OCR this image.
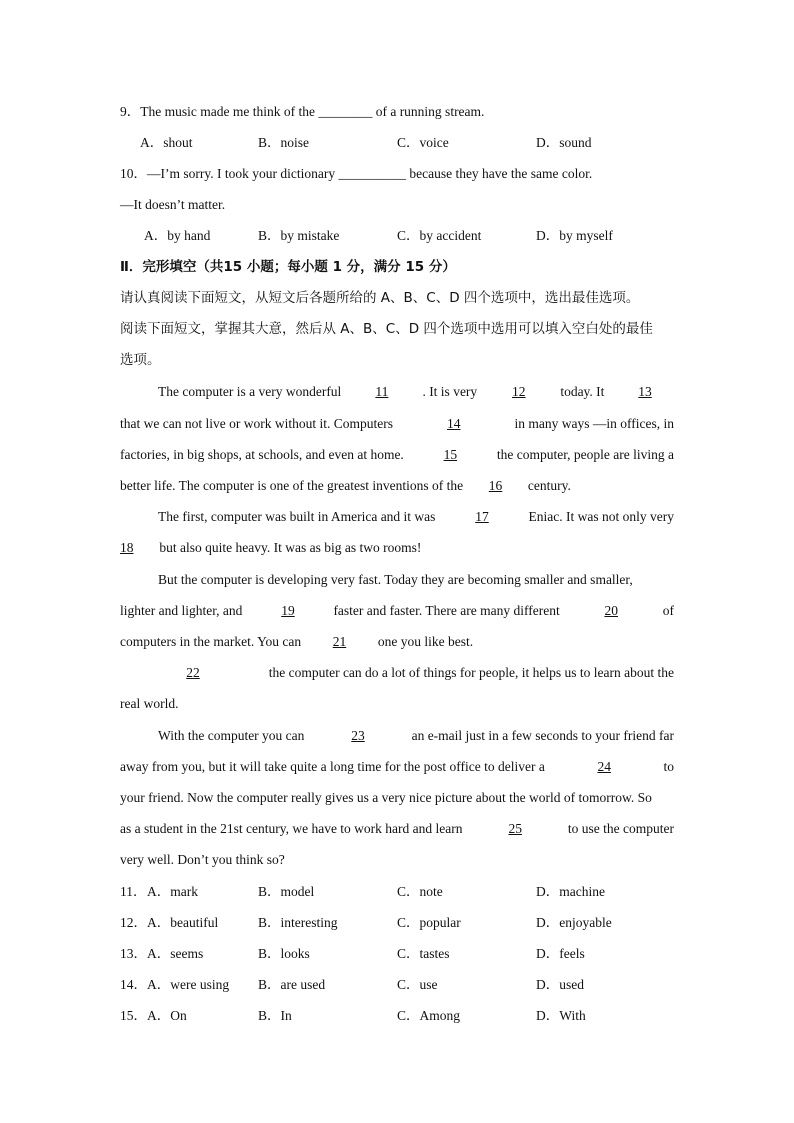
9．The music made me think of the ________ of a running stream.
A．shout	B．noise	C．voice	D．sound
10．—I’m sorry. I took your dictionary __________ because they have the same color.
—It doesn’t matter.
A．by hand	B．by mistake	C．by accident	D．by myself
Ⅱ．完形填空（共15 小题；每小题 1 分，满分 15 分）
请认真阅读下面短文，从短文后各题所给的 A、B、C、D 四个选项中，选出最佳选项。
阅读下面短文，掌握其大意，然后从 A、B、C、D 四个选项中选用可以填入空白处的最佳
选项。
The computer is a very wonderful	11	. It is very	12	today. It	13
that we can not live or work without it. Computers	14	in many ways —in offices, in
factories, in big shops, at schools, and even at home.	15	the computer, people are living a
better life. The computer is one of the greatest inventions of the 16 century.
The first, computer was built in America and it was	17	Eniac. It was not only very
18 but also quite heavy. It was as big as two rooms!
But the computer is developing very fast. Today they are becoming smaller and smaller,
lighter and lighter, and	19	faster and faster. There are many different	20	of
computers in the market. You can 21 one you like best.
22	the computer can do a lot of things for people, it helps us to learn about the
real world.
With the computer you can	23	an e-mail just in a few seconds to your friend far
away from you, but it will take quite a long time for the post office to deliver a	24	to
your friend. Now the computer really gives us a very nice picture about the world of tomorrow. So
as a student in the 21st century, we have to work hard and learn	25	to use the computer
very well. Don’t you think so?
11． A．mark	B．model	C．note	D．machine
12． A．beautiful	B．interesting	C．popular	D．enjoyable
13． A．seems	B．looks	C．tastes	D．feels
14． A．were using B．are used	C．use	D．used
15． A．On	B．In	C．Among	D．With
